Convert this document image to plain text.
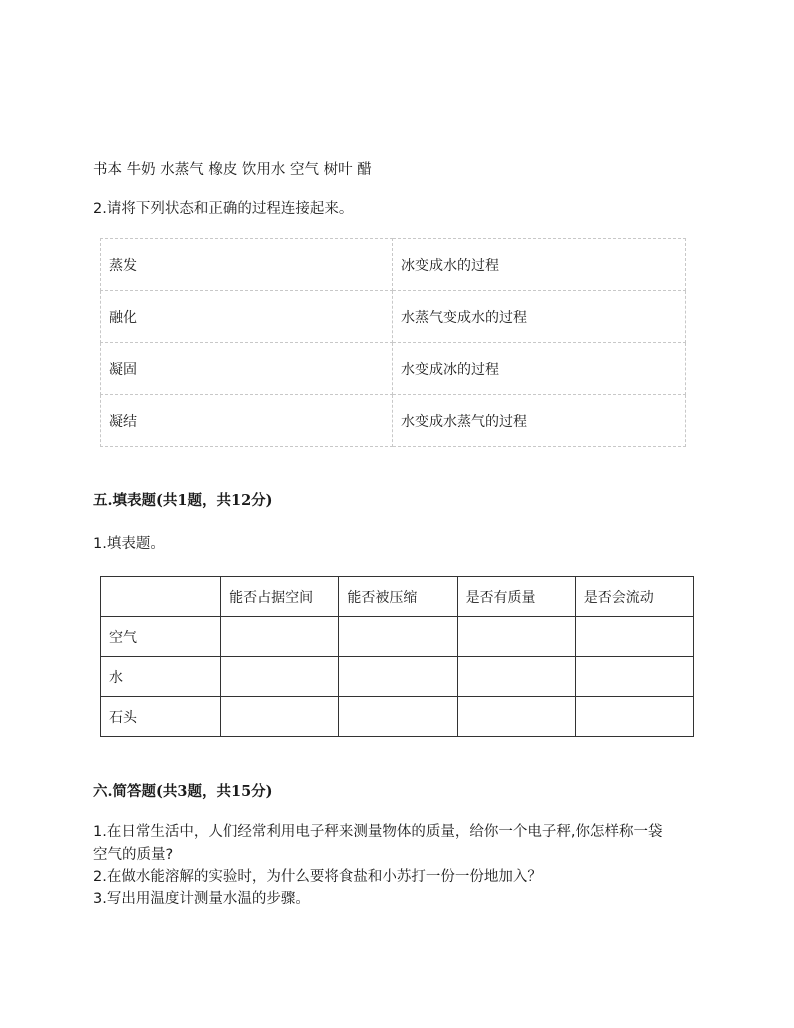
书本 牛奶 水蒸气 橡皮 饮用水 空气 树叶 醋
2.请将下列状态和正确的过程连接起来。
蒸发	冰变成水的过程
融化	水蒸气变成水的过程
凝固	水变成冰的过程
凝结	水变成水蒸气的过程
五.填表题(共1题，共12分)
1.填表题。
	能否占据空间	能否被压缩	是否有质量	是否会流动
空气				
水				
石头				
六.简答题(共3题，共15分)
1.在日常生活中，人们经常利用电子秤来测量物体的质量，给你一个电子秤,你怎样称一袋
空气的质量?
2.在做水能溶解的实验时，为什么要将食盐和小苏打一份一份地加入？
3.写出用温度计测量水温的步骤。
